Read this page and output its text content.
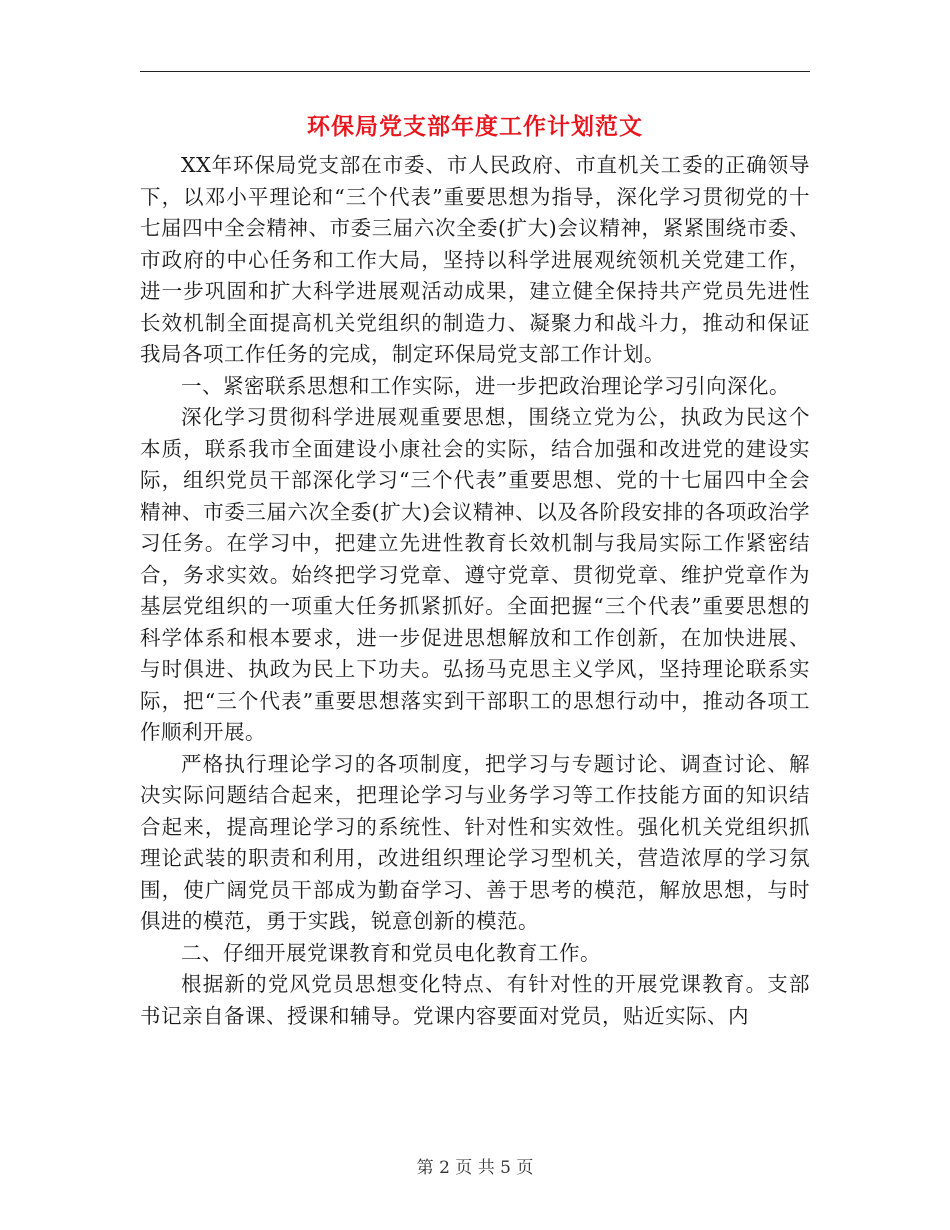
环保局党支部年度工作计划范文

XX年环保局党支部在市委、市人民政府、市直机关工委的正确领导下，以邓小平理论和“三个代表”重要思想为指导，深化学习贯彻党的十七届四中全会精神、市委三届六次全委(扩大)会议精神，紧紧围绕市委、市政府的中心任务和工作大局，坚持以科学进展观统领机关党建工作，进一步巩固和扩大科学进展观活动成果，建立健全保持共产党员先进性长效机制全面提高机关党组织的制造力、凝聚力和战斗力，推动和保证我局各项工作任务的完成，制定环保局党支部工作计划。

一、紧密联系思想和工作实际，进一步把政治理论学习引向深化。

深化学习贯彻科学进展观重要思想，围绕立党为公，执政为民这个本质，联系我市全面建设小康社会的实际，结合加强和改进党的建设实际，组织党员干部深化学习“三个代表”重要思想、党的十七届四中全会精神、市委三届六次全委(扩大)会议精神、以及各阶段安排的各项政治学习任务。在学习中，把建立先进性教育长效机制与我局实际工作紧密结合，务求实效。始终把学习党章、遵守党章、贯彻党章、维护党章作为基层党组织的一项重大任务抓紧抓好。全面把握“三个代表”重要思想的科学体系和根本要求，进一步促进思想解放和工作创新，在加快进展、与时俱进、执政为民上下功夫。弘扬马克思主义学风，坚持理论联系实际，把“三个代表”重要思想落实到干部职工的思想行动中，推动各项工作顺利开展。

严格执行理论学习的各项制度，把学习与专题讨论、调查讨论、解决实际问题结合起来，把理论学习与业务学习等工作技能方面的知识结合起来，提高理论学习的系统性、针对性和实效性。强化机关党组织抓理论武装的职责和利用，改进组织理论学习型机关，营造浓厚的学习氛围，使广阔党员干部成为勤奋学习、善于思考的模范，解放思想，与时俱进的模范，勇于实践，锐意创新的模范。

二、仔细开展党课教育和党员电化教育工作。

根据新的党风党员思想变化特点、有针对性的开展党课教育。支部书记亲自备课、授课和辅导。党课内容要面对党员，贴近实际、内

第 2 页 共 5 页
